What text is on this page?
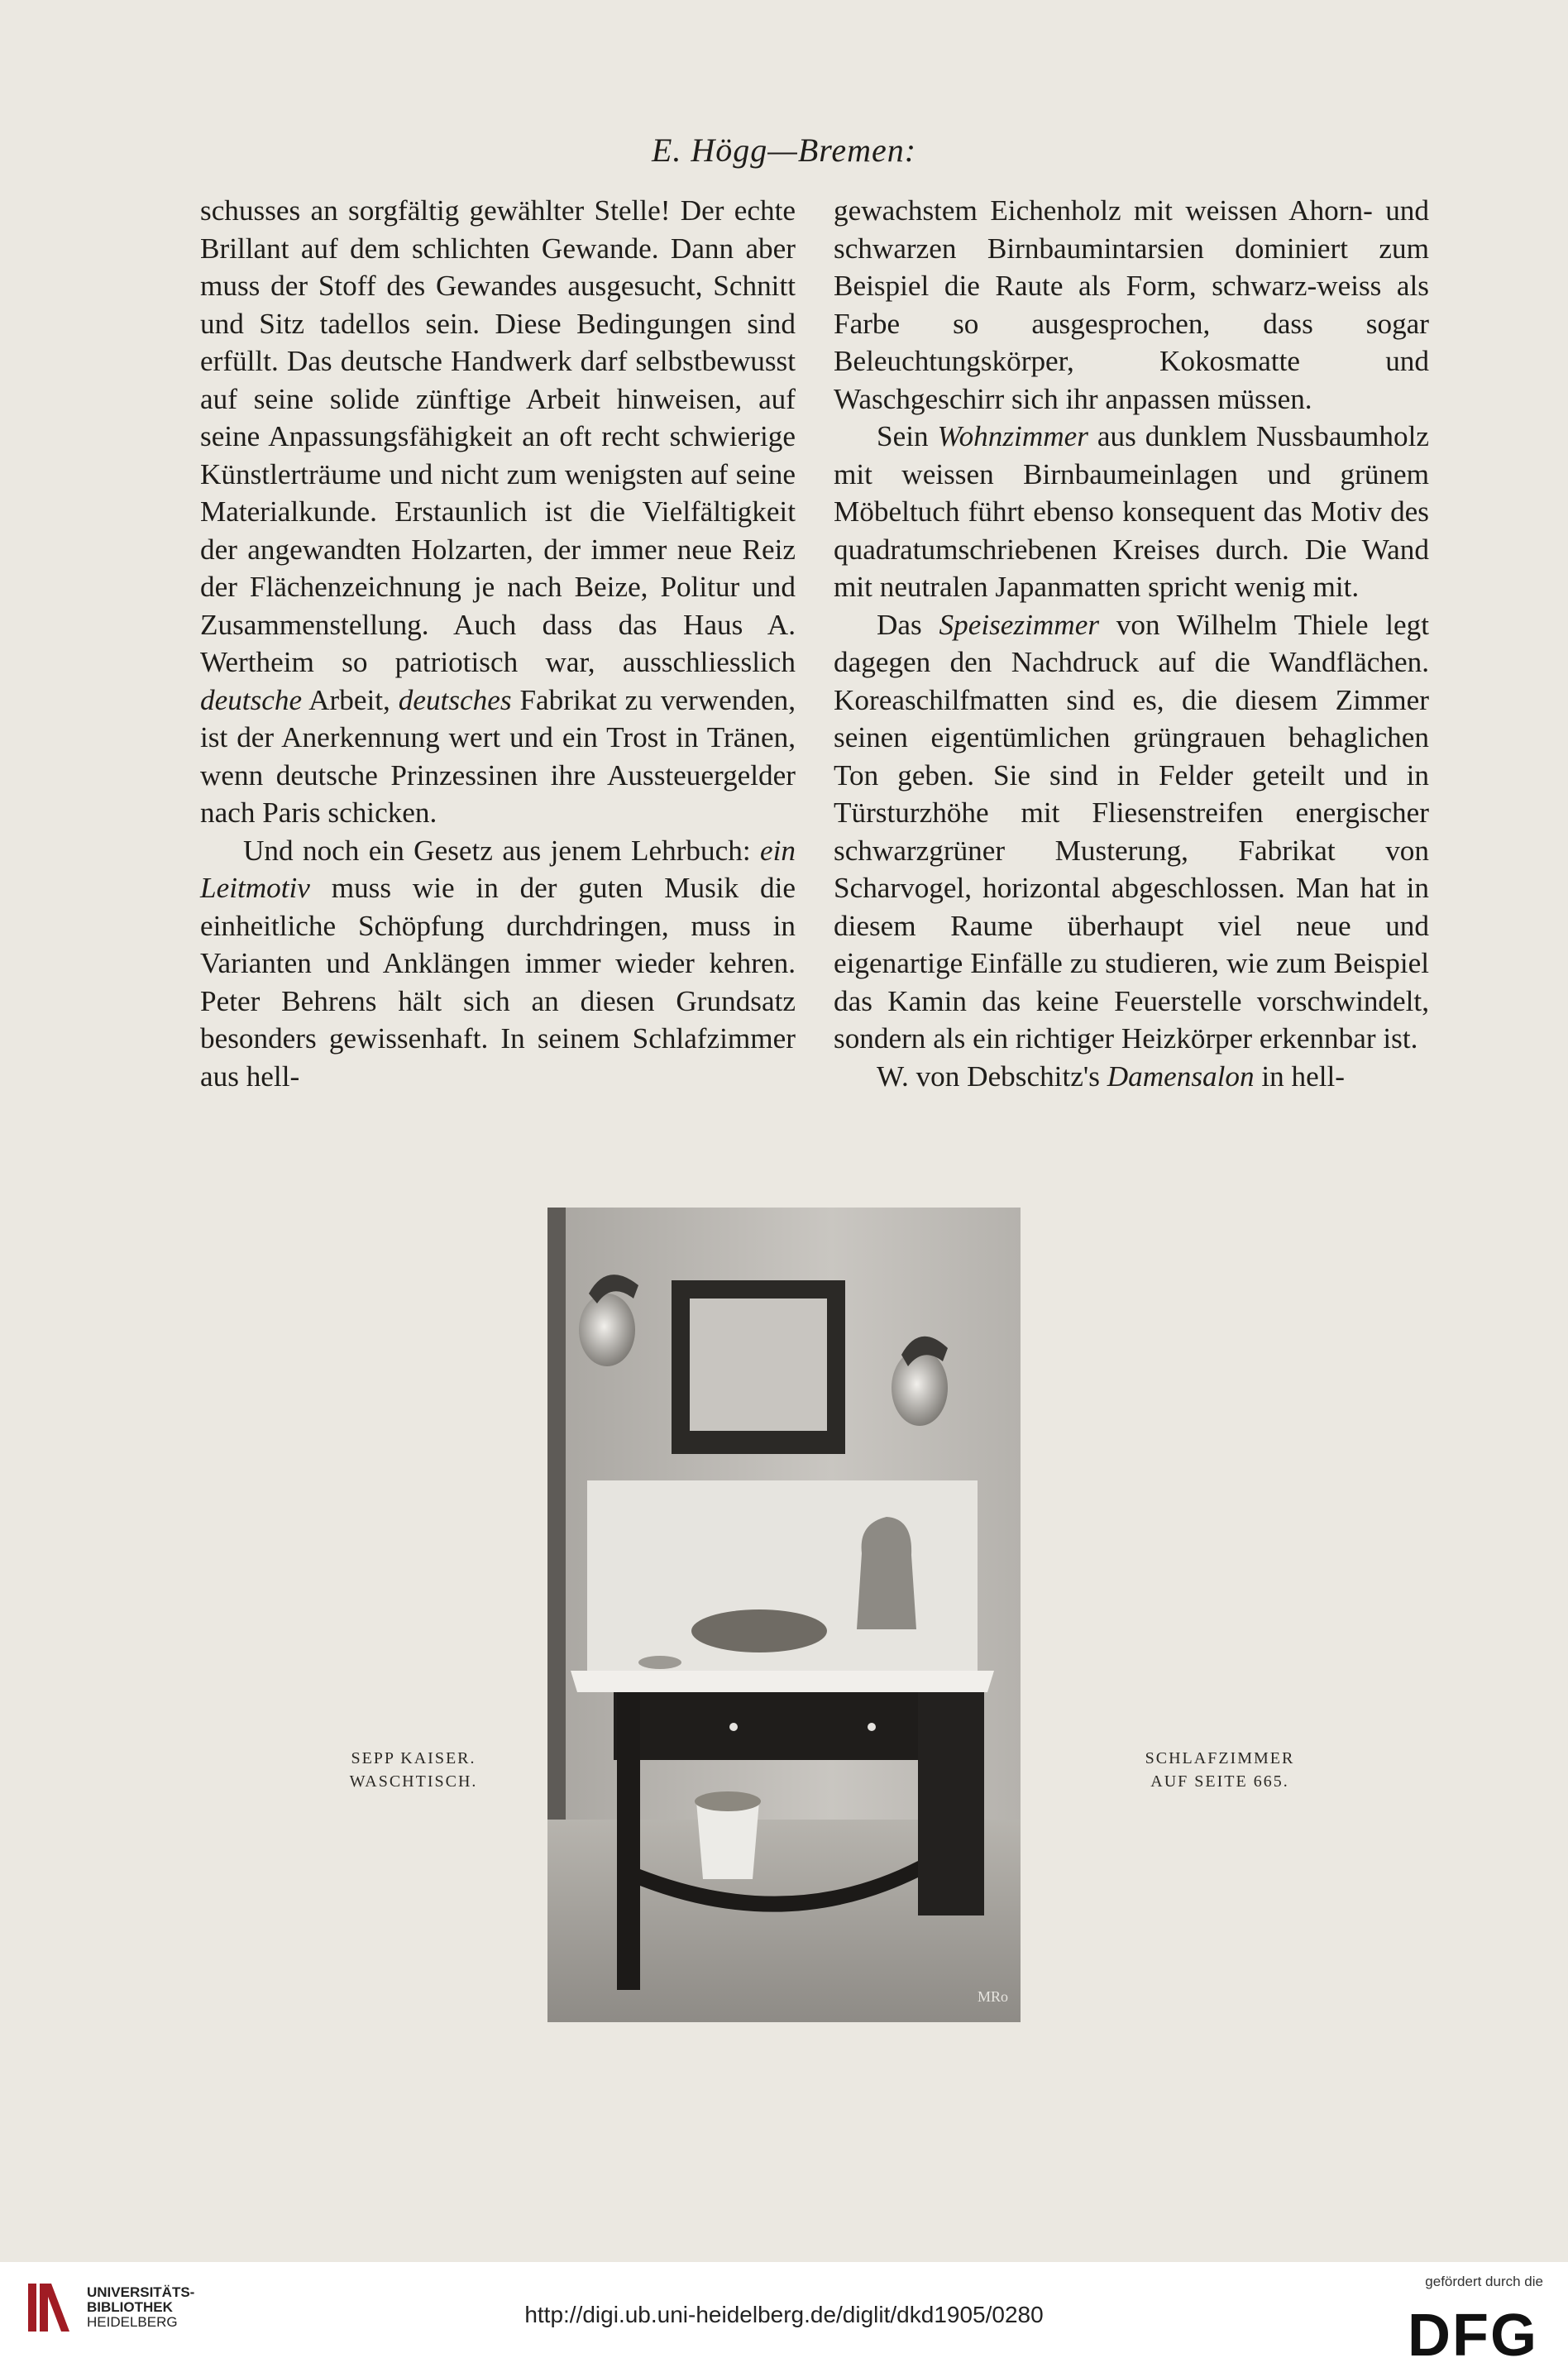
E. Högg—Bremen:

schusses an sorgfältig gewählter Stelle! Der echte Brillant auf dem schlichten Gewande. Dann aber muss der Stoff des Gewandes ausgesucht, Schnitt und Sitz tadellos sein. Diese Bedingungen sind erfüllt. Das deutsche Handwerk darf selbstbewusst auf seine solide zünftige Arbeit hinweisen, auf seine Anpassungsfähigkeit an oft recht schwierige Künstlerträume und nicht zum wenigsten auf seine Materialkunde. Erstaunlich ist die Vielfältigkeit der angewandten Holzarten, der immer neue Reiz der Flächenzeichnung je nach Beize, Politur und Zusammenstellung. Auch dass das Haus A. Wertheim so patriotisch war, ausschliesslich deutsche Arbeit, deutsches Fabrikat zu verwenden, ist der Anerkennung wert und ein Trost in Tränen, wenn deutsche Prinzessinen ihre Aussteuergelder nach Paris schicken.

Und noch ein Gesetz aus jenem Lehrbuch: ein Leitmotiv muss wie in der guten Musik die einheitliche Schöpfung durchdringen, muss in Varianten und Anklängen immer wieder kehren. Peter Behrens hält sich an diesen Grundsatz besonders gewissenhaft. In seinem Schlafzimmer aus hell-

gewachstem Eichenholz mit weissen Ahorn- und schwarzen Birnbaumintarsien dominiert zum Beispiel die Raute als Form, schwarz-weiss als Farbe so ausgesprochen, dass sogar Beleuchtungskörper, Kokosmatte und Waschgeschirr sich ihr anpassen müssen.

Sein Wohnzimmer aus dunklem Nussbaumholz mit weissen Birnbaumeinlagen und grünem Möbeltuch führt ebenso konsequent das Motiv des quadratumschriebenen Kreises durch. Die Wand mit neutralen Japanmatten spricht wenig mit.

Das Speisezimmer von Wilhelm Thiele legt dagegen den Nachdruck auf die Wandflächen. Koreaschilfmatten sind es, die diesem Zimmer seinen eigentümlichen grüngrauen behaglichen Ton geben. Sie sind in Felder geteilt und in Türsturzhöhe mit Fliesenstreifen energischer schwarzgrüner Musterung, Fabrikat von Scharvogel, horizontal abgeschlossen. Man hat in diesem Raume überhaupt viel neue und eigenartige Einfälle zu studieren, wie zum Beispiel das Kamin das keine Feuerstelle vorschwindelt, sondern als ein richtiger Heizkörper erkennbar ist.

W. von Debschitz's Damensalon in hell-

MRo
SEPP KAISER.
WASCHTISCH.
SCHLAFZIMMER
AUF SEITE 665.
UNIVERSITÄTS-
BIBLIOTHEK
HEIDELBERG	http://digi.ub.uni-heidelberg.de/diglit/dkd1905/0280
gefördert durch die
DFG
